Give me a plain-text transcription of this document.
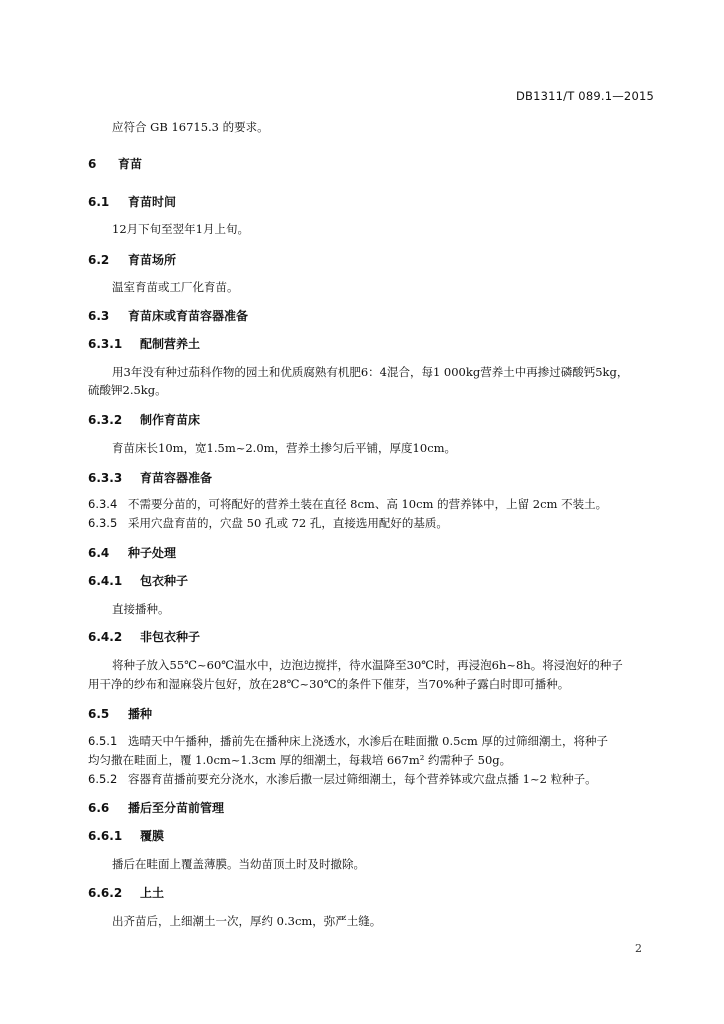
DB1311/T 089.1—2015
应符合 GB 16715.3 的要求。
6 育苗
6.1 育苗时间
12月下旬至翌年1月上旬。
6.2 育苗场所
温室育苗或工厂化育苗。
6.3 育苗床或育苗容器准备
6.3.1 配制营养土
用3年没有种过茄科作物的园土和优质腐熟有机肥6：4混合，每1 000kg营养土中再掺过磷酸钙5kg，
硫酸钾2.5kg。
6.3.2 制作育苗床
育苗床长10m，宽1.5m~2.0m，营养土掺匀后平铺，厚度10cm。
6.3.3 育苗容器准备
6.3.4 不需要分苗的，可将配好的营养土装在直径 8cm、高 10cm 的营养钵中，上留 2cm 不装土。
6.3.5 采用穴盘育苗的，穴盘 50 孔或 72 孔，直接选用配好的基质。
6.4 种子处理
6.4.1 包衣种子
直接播种。
6.4.2 非包衣种子
将种子放入55℃~60℃温水中，边泡边搅拌，待水温降至30℃时，再浸泡6h~8h。将浸泡好的种子
用干净的纱布和湿麻袋片包好，放在28℃~30℃的条件下催芽，当70%种子露白时即可播种。
6.5 播种
6.5.1 选晴天中午播种，播前先在播种床上浇透水，水渗后在畦面撒 0.5cm 厚的过筛细潮土，将种子
均匀撒在畦面上，覆 1.0cm~1.3cm 厚的细潮土，每栽培 667m² 约需种子 50g。
6.5.2 容器育苗播前要充分浇水，水渗后撒一层过筛细潮土，每个营养钵或穴盘点播 1~2 粒种子。
6.6 播后至分苗前管理
6.6.1 覆膜
播后在畦面上覆盖薄膜。当幼苗顶土时及时撤除。
6.6.2 上土
出齐苗后，上细潮土一次，厚约 0.3cm，弥严土缝。
2
